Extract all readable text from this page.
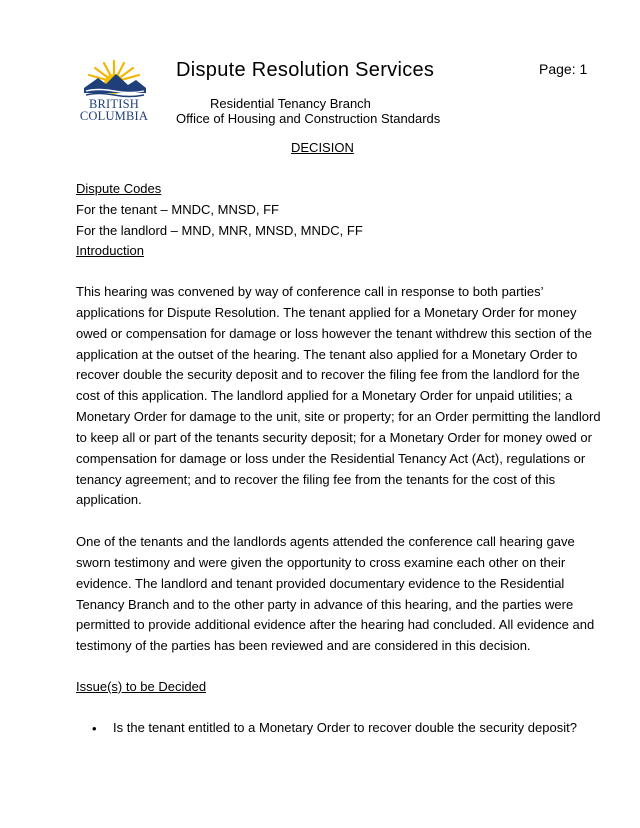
BRITISH
COLUMBIA
Dispute Resolution Services	Page: 1
Residential Tenancy Branch
Office of Housing and Construction Standards
DECISION
Dispute Codes
For the tenant – MNDC, MNSD, FF
For the landlord – MND, MNR, MNSD, MNDC, FF
Introduction
This hearing was convened by way of conference call in response to both parties’
applications for Dispute Resolution. The tenant applied for a Monetary Order for money
owed or compensation for damage or loss however the tenant withdrew this section of the
application at the outset of the hearing. The tenant also applied for a Monetary Order to
recover double the security deposit and to recover the filing fee from the landlord for the
cost of this application. The landlord applied for a Monetary Order for unpaid utilities; a
Monetary Order for damage to the unit, site or property; for an Order permitting the landlord
to keep all or part of the tenants security deposit; for a Monetary Order for money owed or
compensation for damage or loss under the Residential Tenancy Act (Act), regulations or
tenancy agreement; and to recover the filing fee from the tenants for the cost of this
application.
One of the tenants and the landlords agents attended the conference call hearing gave
sworn testimony and were given the opportunity to cross examine each other on their
evidence. The landlord and tenant provided documentary evidence to the Residential
Tenancy Branch and to the other party in advance of this hearing, and the parties were
permitted to provide additional evidence after the hearing had concluded. All evidence and
testimony of the parties has been reviewed and are considered in this decision.
Issue(s) to be Decided
• Is the tenant entitled to a Monetary Order to recover double the security deposit?
